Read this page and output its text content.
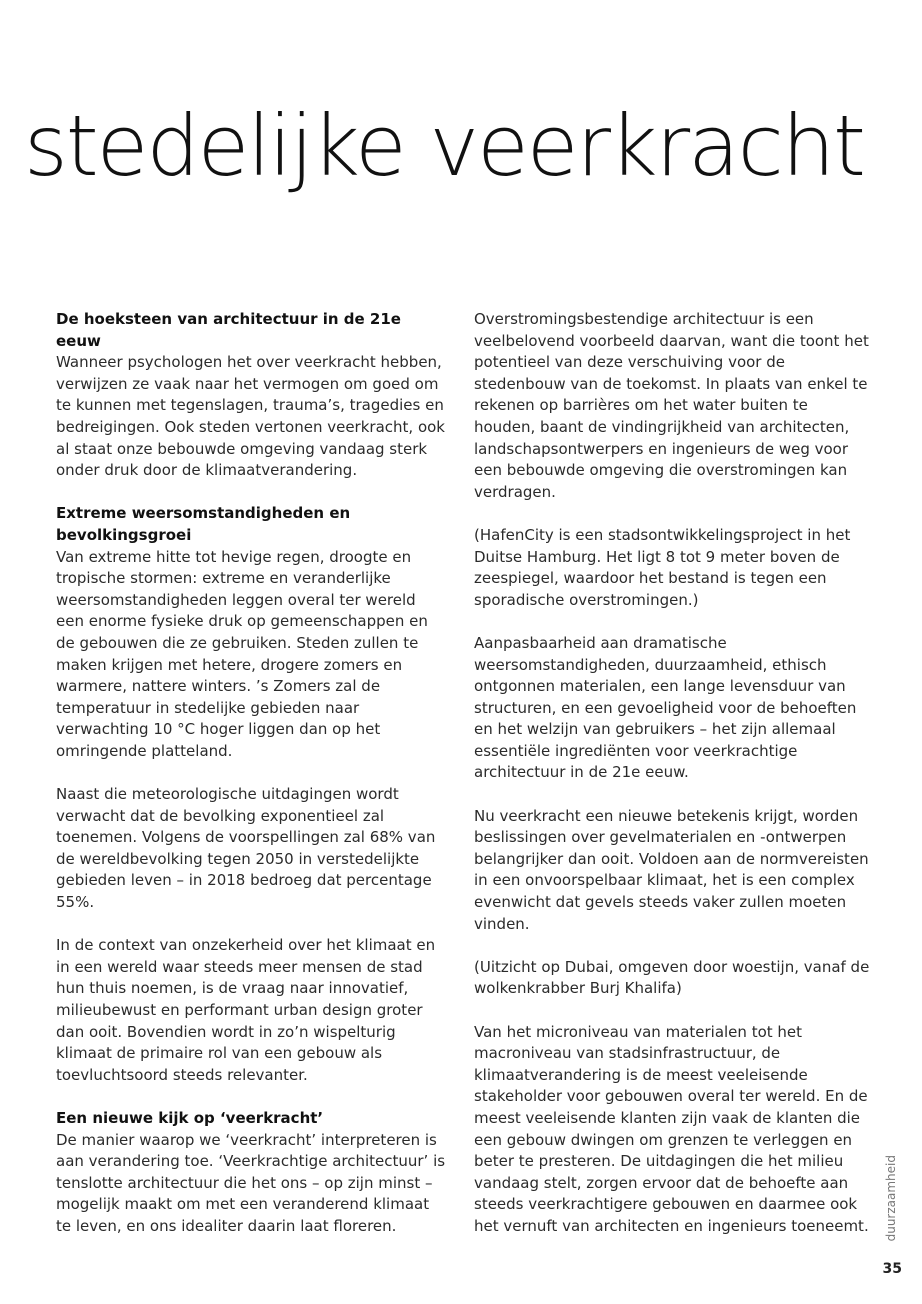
stedelijke veerkracht
De hoeksteen van architectuur in de 21e eeuw

Wanneer psychologen het over veerkracht hebben, verwijzen ze vaak naar het vermogen om goed om te kunnen met tegenslagen, trauma’s, tragedies en bedreigingen. Ook steden vertonen veerkracht, ook al staat onze bebouwde omgeving vandaag sterk onder druk door de klimaatverandering.

Extreme weersomstandigheden en bevolkingsgroei

Van extreme hitte tot hevige regen, droogte en tropische stormen: extreme en veranderlijke weersomstandigheden leggen overal ter wereld een enorme fysieke druk op gemeenschappen en de gebouwen die ze gebruiken. Steden zullen te maken krijgen met hetere, drogere zomers en warmere, nattere winters. ’s Zomers zal de temperatuur in stedelijke gebieden naar verwachting 10 °C hoger liggen dan op het omringende platteland.

Naast die meteorologische uitdagingen wordt verwacht dat de bevolking exponentieel zal toenemen. Volgens de voorspellingen zal 68% van de wereldbevolking tegen 2050 in verstedelijkte gebieden leven – in 2018 bedroeg dat percentage 55%.

In de context van onzekerheid over het klimaat en in een wereld waar steeds meer mensen de stad hun thuis noemen, is de vraag naar innovatief, milieubewust en performant urban design groter dan ooit. Bovendien wordt in zo’n wispelturig klimaat de primaire rol van een gebouw als toevluchtsoord steeds relevanter.

Een nieuwe kijk op ‘veerkracht’

De manier waarop we ‘veerkracht’ interpreteren is aan verandering toe. ‘Veerkrachtige architectuur’ is tenslotte architectuur die het ons – op zijn minst – mogelijk maakt om met een veranderend klimaat te leven, en ons idealiter daarin laat floreren.

Overstromingsbestendige architectuur is een veelbelovend voorbeeld daarvan, want die toont het potentieel van deze verschuiving voor de stedenbouw van de toekomst. In plaats van enkel te rekenen op barrières om het water buiten te houden, baant de vindingrijkheid van architecten, landschapsontwerpers en ingenieurs de weg voor een bebouwde omgeving die overstromingen kan verdragen.

(HafenCity is een stadsontwikkelingsproject in het Duitse Hamburg. Het ligt 8 tot 9 meter boven de zeespiegel, waardoor het bestand is tegen een sporadische overstromingen.)

Aanpasbaarheid aan dramatische weersomstandigheden, duurzaamheid, ethisch ontgonnen materialen, een lange levensduur van structuren, en een gevoeligheid voor de behoeften en het welzijn van gebruikers – het zijn allemaal essentiële ingrediënten voor veerkrachtige architectuur in de 21e eeuw.

Nu veerkracht een nieuwe betekenis krijgt, worden beslissingen over gevelmaterialen en -ontwerpen belangrijker dan ooit. Voldoen aan de normvereisten in een onvoorspelbaar klimaat, het is een complex evenwicht dat gevels steeds vaker zullen moeten vinden.

(Uitzicht op Dubai, omgeven door woestijn, vanaf de wolkenkrabber Burj Khalifa)

Van het microniveau van materialen tot het macroniveau van stadsinfrastructuur, de klimaatverandering is de meest veeleisende stakeholder voor gebouwen overal ter wereld. En de meest veeleisende klanten zijn vaak de klanten die een gebouw dwingen om grenzen te verleggen en beter te presteren. De uitdagingen die het milieu vandaag stelt, zorgen ervoor dat de behoefte aan steeds veerkrachtigere gebouwen en daarmee ook het vernuft van architecten en ingenieurs toeneemt. duurzaamheid
35
